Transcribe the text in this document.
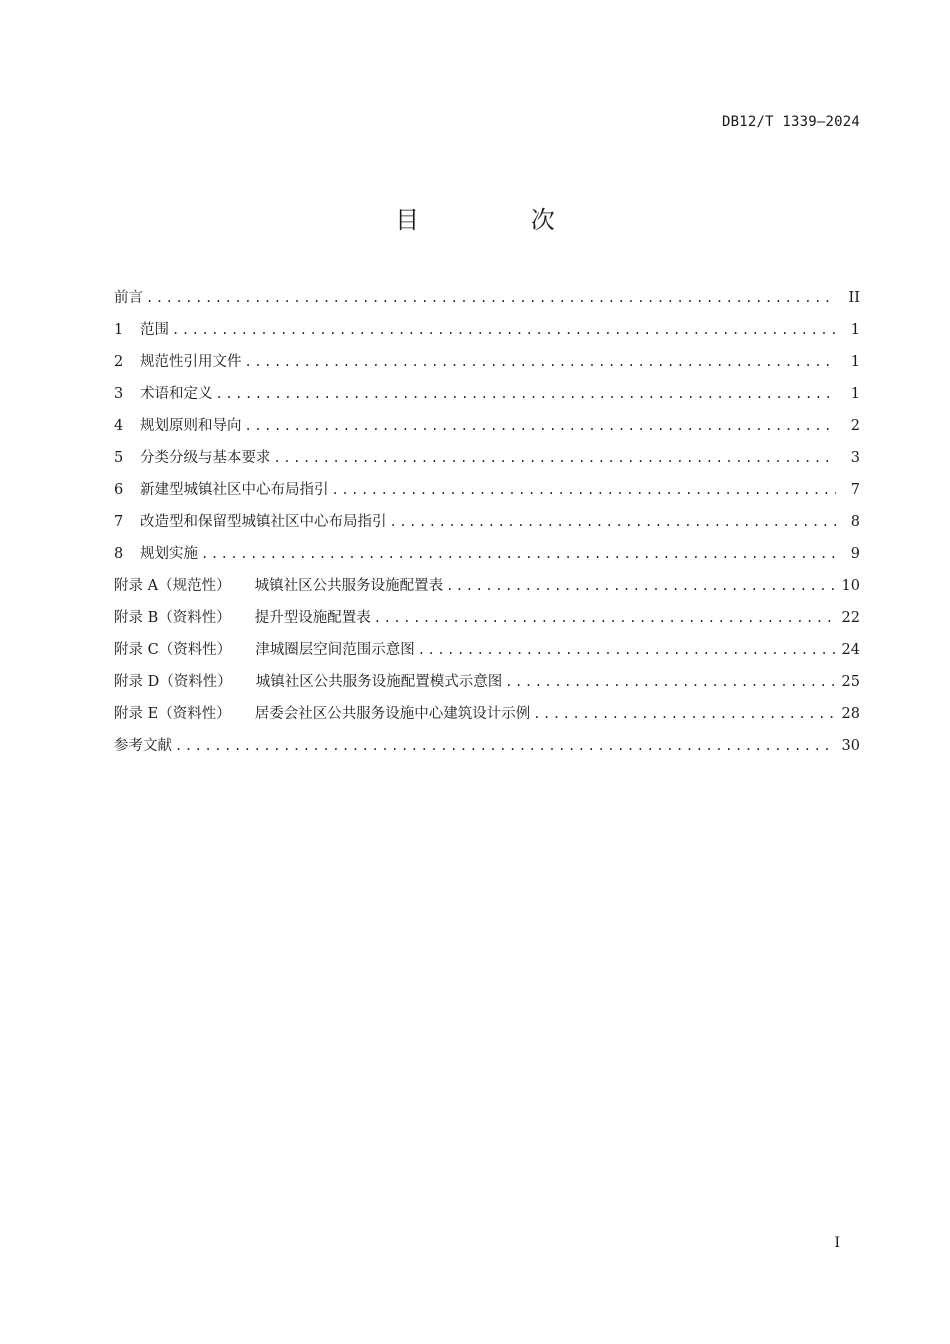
DB12/T 1339—2024
目 次
前言 .....	II
1	范围 .....	1
2	规范性引用文件 .....	1
3	术语和定义 .....	1
4	规划原则和导向 .....	2
5	分类分级与基本要求 .....	3
6	新建型城镇社区中心布局指引 .....	7
7	改造型和保留型城镇社区中心布局指引 .....	8
8	规划实施 .....	9
附录 A（规范性）	城镇社区公共服务设施配置表 .....	10
附录 B（资料性）	提升型设施配置表 .....	22
附录 C（资料性）	津城圈层空间范围示意图 .....	24
附录 D（资料性）	城镇社区公共服务设施配置模式示意图 .....	25
附录 E（资料性）	居委会社区公共服务设施中心建筑设计示例 .....	28
参考文献 .....	30
I
